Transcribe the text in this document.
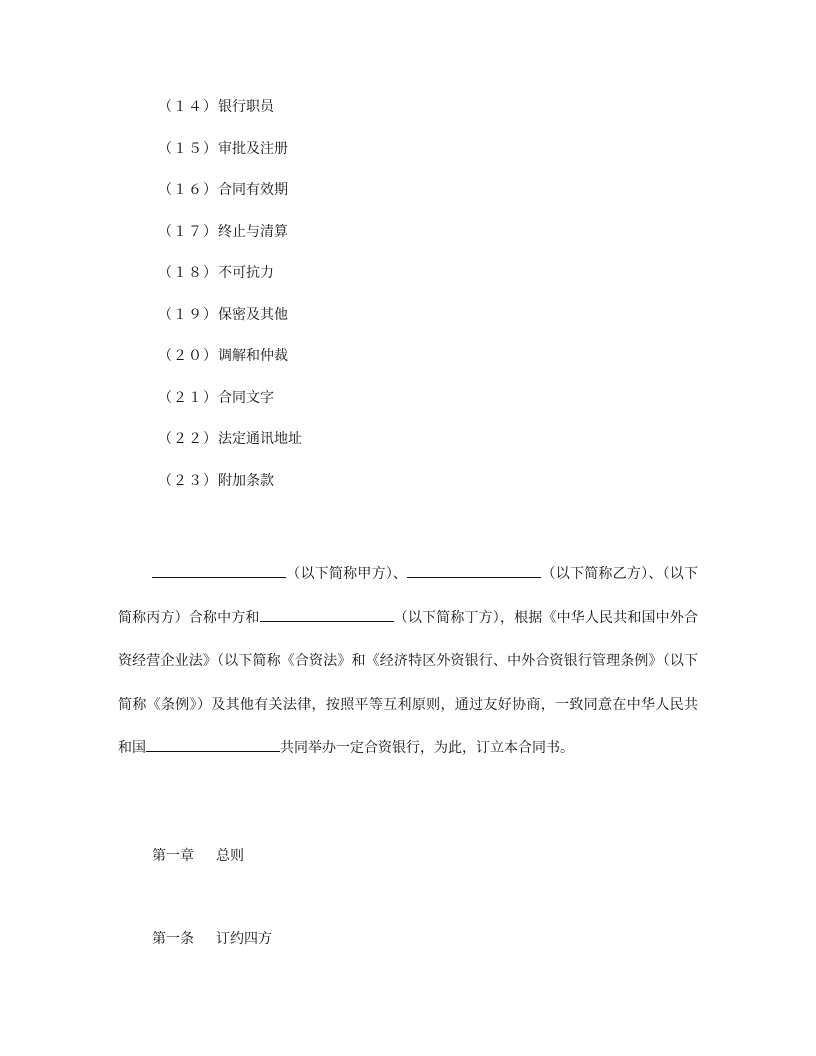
（１４）银行职员
（１５）审批及注册
（１６）合同有效期
（１７）终止与清算
（１８）不可抗力
（１９）保密及其他
（２０）调解和仲裁
（２１）合同文字
（２２）法定通讯地址
（２３）附加条款
（以下简称甲方）、	（以下简称乙方）、（以下简称丙方）合称中方和	（以下简称丁方），根据《中华人民共和国中外合资经营企业法》（以下简称《合资法》和《经济特区外资银行、中外合资银行管理条例》（以下简称《条例》）及其他有关法律，按照平等互利原则，通过友好协商，一致同意在中华人民共和国	共同举办一定合资银行，为此，订立本合同书。
第一章 总则
第一条 订约四方
